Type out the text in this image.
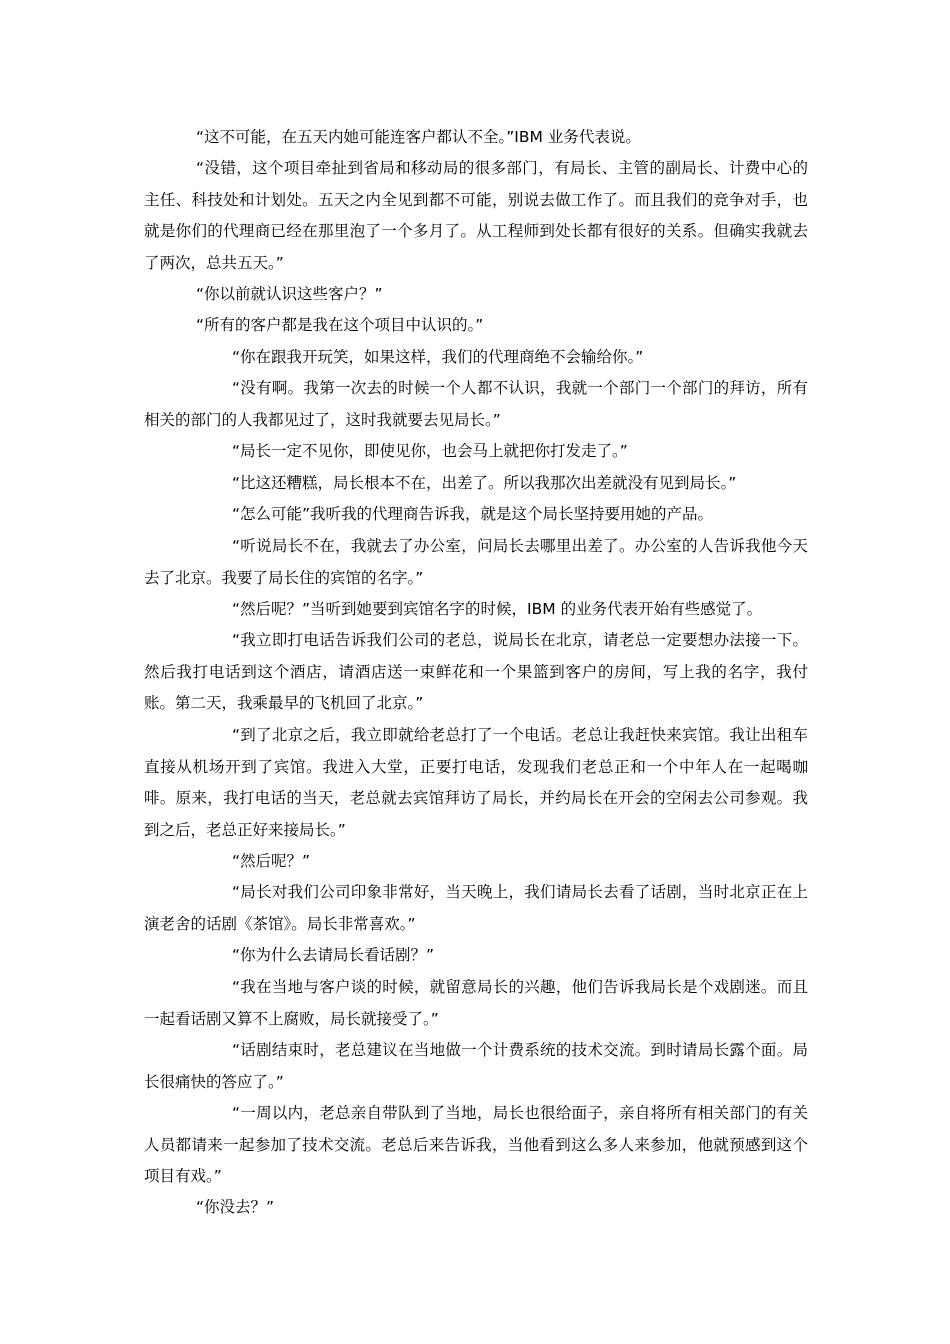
“这不可能，在五天内她可能连客户都认不全。”IBM 业务代表说。

“没错，这个项目牵扯到省局和移动局的很多部门，有局长、主管的副局长、计费中心的主任、科技处和计划处。五天之内全见到都不可能，别说去做工作了。而且我们的竞争对手，也就是你们的代理商已经在那里泡了一个多月了。从工程师到处长都有很好的关系。但确实我就去了两次，总共五天。”

“你以前就认识这些客户？”

“所有的客户都是我在这个项目中认识的。”

“你在跟我开玩笑，如果这样，我们的代理商绝不会输给你。”

“没有啊。我第一次去的时候一个人都不认识，我就一个部门一个部门的拜访，所有相关的部门的人我都见过了，这时我就要去见局长。”

“局长一定不见你，即使见你，也会马上就把你打发走了。”

“比这还糟糕，局长根本不在，出差了。所以我那次出差就没有见到局长。”

“怎么可能”我听我的代理商告诉我，就是这个局长坚持要用她的产品。

“听说局长不在，我就去了办公室，问局长去哪里出差了。办公室的人告诉我他今天去了北京。我要了局长住的宾馆的名字。”

“然后呢？”当听到她要到宾馆名字的时候，IBM 的业务代表开始有些感觉了。

“我立即打电话告诉我们公司的老总，说局长在北京，请老总一定要想办法接一下。然后我打电话到这个酒店，请酒店送一束鲜花和一个果篮到客户的房间，写上我的名字，我付账。第二天，我乘最早的飞机回了北京。”

“到了北京之后，我立即就给老总打了一个电话。老总让我赶快来宾馆。我让出租车直接从机场开到了宾馆。我进入大堂，正要打电话，发现我们老总正和一个中年人在一起喝咖啡。原来，我打电话的当天，老总就去宾馆拜访了局长，并约局长在开会的空闲去公司参观。我到之后，老总正好来接局长。”

“然后呢？”

“局长对我们公司印象非常好，当天晚上，我们请局长去看了话剧，当时北京正在上演老舍的话剧《茶馆》。局长非常喜欢。”

“你为什么去请局长看话剧？”

“我在当地与客户谈的时候，就留意局长的兴趣，他们告诉我局长是个戏剧迷。而且一起看话剧又算不上腐败，局长就接受了。”

“话剧结束时，老总建议在当地做一个计费系统的技术交流。到时请局长露个面。局长很痛快的答应了。”

“一周以内，老总亲自带队到了当地，局长也很给面子，亲自将所有相关部门的有关人员都请来一起参加了技术交流。老总后来告诉我，当他看到这么多人来参加，他就预感到这个项目有戏。”

“你没去？”
